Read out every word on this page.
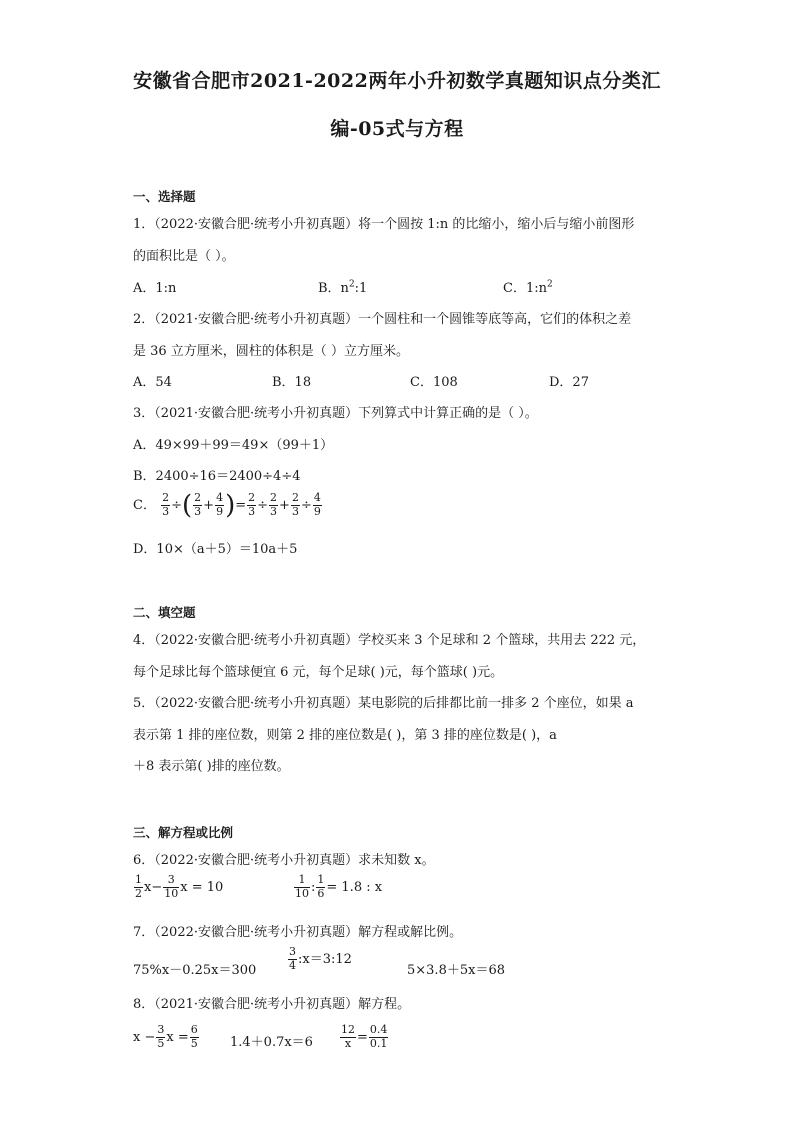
安徽省合肥市2021-2022两年小升初数学真题知识点分类汇
编-05式与方程
一、选择题
1．（2022·安徽合肥·统考小升初真题）将一个圆按 1:n 的比缩小，缩小后与缩小前图形
的面积比是（ ）。
A．1:n	B．$n^2:1$	C．$1:n^2$
2．（2021·安徽合肥·统考小升初真题）一个圆柱和一个圆锥等底等高，它们的体积之差
是 36 立方厘米，圆柱的体积是（ ）立方厘米。
A．54	B．18	C．108	D．27
3．（2021·安徽合肥·统考小升初真题）下列算式中计算正确的是（ ）。
A．49×99＋99＝49×（99＋1）
B．2400÷16＝2400÷4÷4
C． $\frac{2}{3}$ ÷( $\frac{2}{3} + \frac{4}{9}$ )= $\frac{2}{3} \div \frac{2}{3} + \frac{2}{3} \div \frac{4}{9}$
D．10×（a＋5）＝10a＋5
二、填空题
4．（2022·安徽合肥·统考小升初真题）学校买来 3 个足球和 2 个篮球，共用去 222 元，
每个足球比每个篮球便宜 6 元，每个足球( )元，每个篮球( )元。
5．（2022·安徽合肥·统考小升初真题）某电影院的后排都比前一排多 2 个座位，如果 a
表示第 1 排的座位数，则第 2 排的座位数是( )，第 3 排的座位数是( )，a
＋8 表示第( )排的座位数。
三、解方程或比例
6．（2022·安徽合肥·统考小升初真题）求未知数 x。
$\frac{1}{2} x- \frac{3}{10}$ x = 10	$\frac{1}{10}$ : $\frac{1}{6} = 1.8$ : x
7．（2022·安徽合肥·统考小升初真题）解方程或解比例。
75%x－0.25x＝300	$\frac{3}{4}$ :x＝3:12
5×3.8＋5x＝68
8．（2021·安徽合肥·统考小升初真题）解方程。
$x - \frac{3}{5}$ $x = \frac{6}{5} 1.4+0.7x=6 \frac{12}{x} = \frac{0.4}{0.1}$
